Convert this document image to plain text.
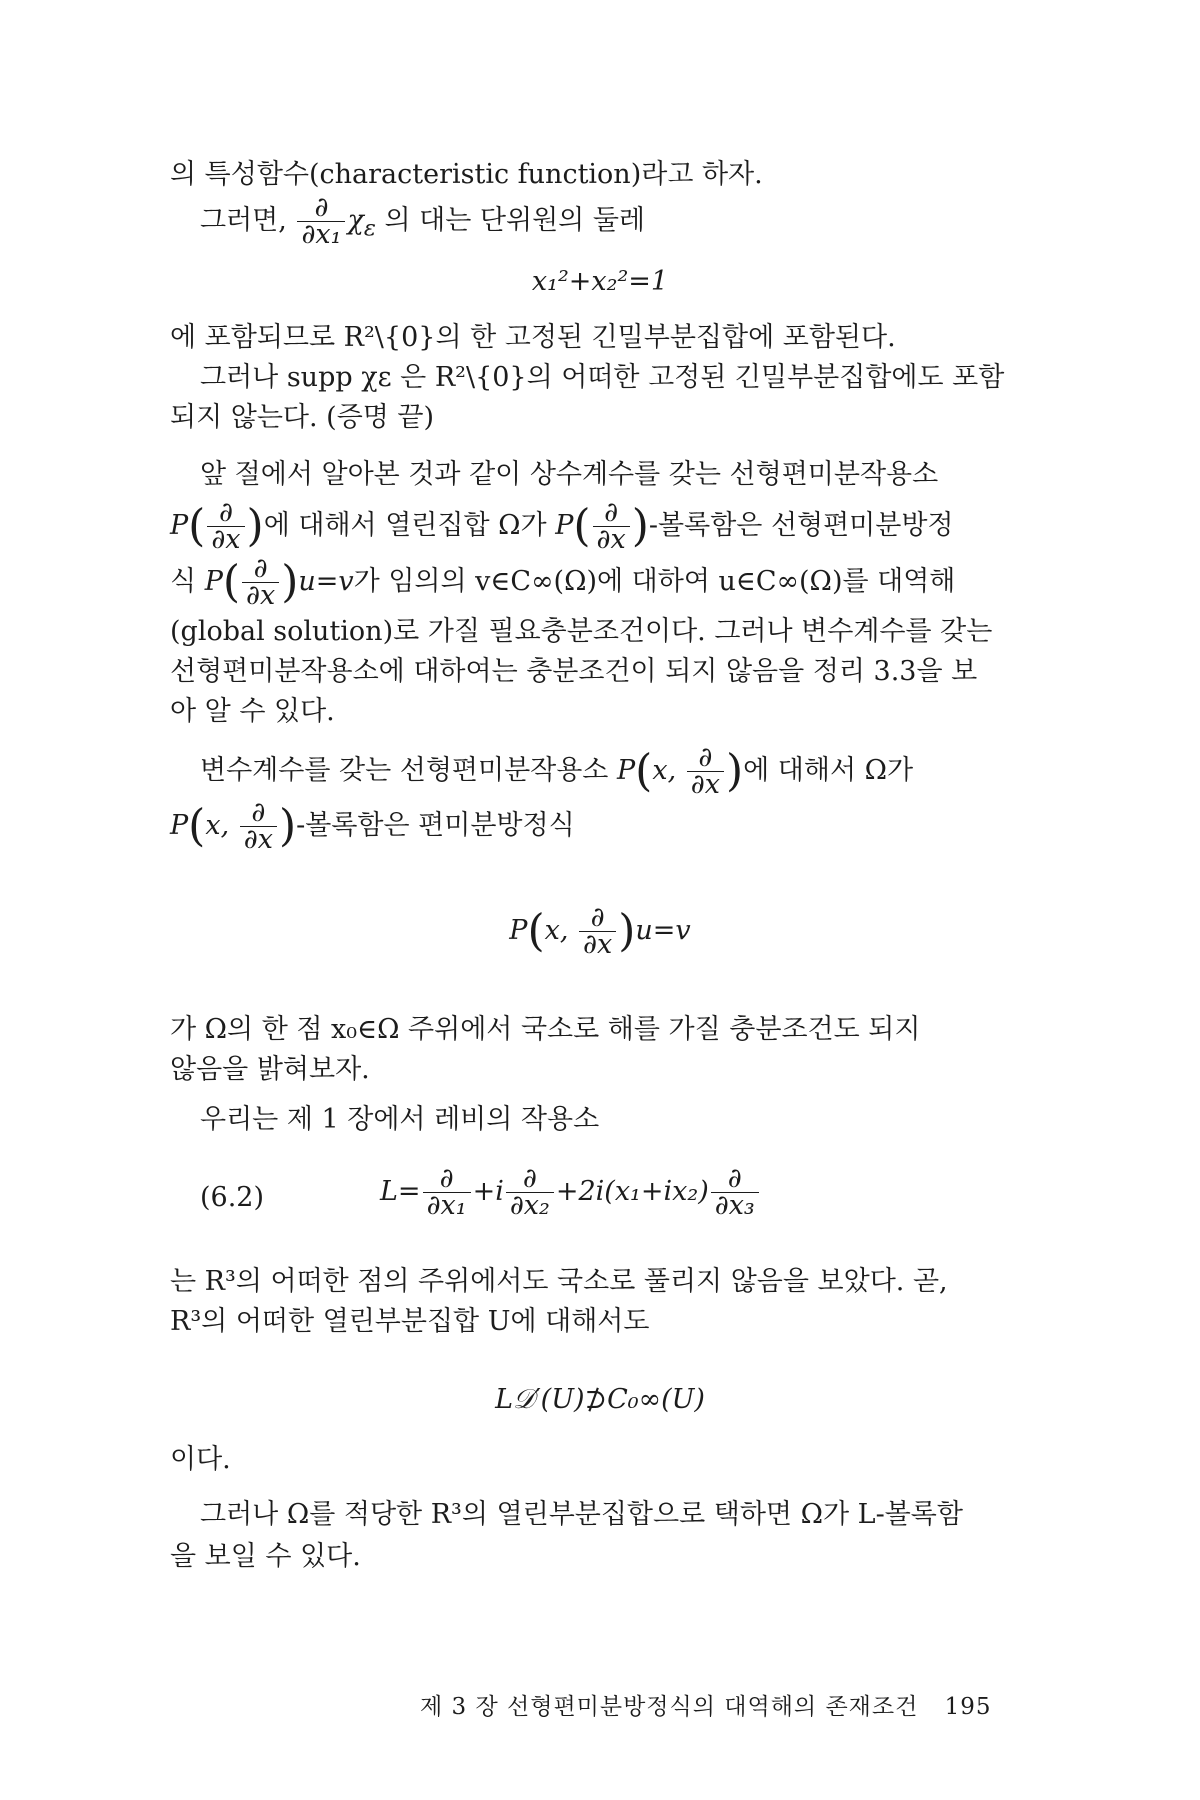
의 특성함수(characteristic function)라고 하자.
그러면, $\frac{\partial}{\text{∂x₁}} \chi_\varepsilon$ 의 대는 단위원의 둘레
x₁²+x₂²=1
에 포함되므로 R²\{0}의 한 고정된 긴밀부분집합에 포함된다.
그러나 supp χε 은 R²\{0}의 어떠한 고정된 긴밀부분집합에도 포함
되지 않는다. (증명 끝)
앞 절에서 알아본 것과 같이 상수계수를 갖는 선형편미분작용소
$P( \frac{\partial}{\partial x}$ )에 대해서 열린집합 Ω가 $P( \frac{\partial}{\partial x}$ )-볼록함은 선형편미분방정
식 $P( \frac{\partial}{\partial x} )u=v$가 임의의 v∈C∞(Ω)에 대하여 u∈C∞(Ω)를 대역해
(global solution)로 가질 필요충분조건이다. 그러나 변수계수를 갖는
선형편미분작용소에 대하여는 충분조건이 되지 않음을 정리 3.3을 보
아 알 수 있다.
변수계수를 갖는 선형편미분작용소 P(x, $\frac{\partial}{\partial x}$ )에 대해서 Ω가
P(x, $\frac{\partial}{\partial x}$ )-볼록함은 편미분방정식
P(x, $\frac{\partial}{\partial x} )u=v$
가 Ω의 한 점 x₀∈Ω 주위에서 국소로 해를 가질 충분조건도 되지
않음을 밝혀보자.
우리는 제 1 장에서 레비의 작용소
(6.2)	$L= \frac{\partial}{\text{∂x₁}} +i \frac{\partial}{\text{∂x₂}} +2i(x_1+ix_2) \frac{\partial}{\text{∂x₃}}$
는 R³의 어떠한 점의 주위에서도 국소로 풀리지 않음을 보았다. 곧,
R³의 어떠한 열린부분집합 U에 대해서도
L𝒟′(U)⊅C₀∞(U)
이다.
그러나 Ω를 적당한 R³의 열린부분집합으로 택하면 Ω가 L-볼록함
을 보일 수 있다.
제 3 장 선형편미분방정식의 대역해의 존재조건 195
